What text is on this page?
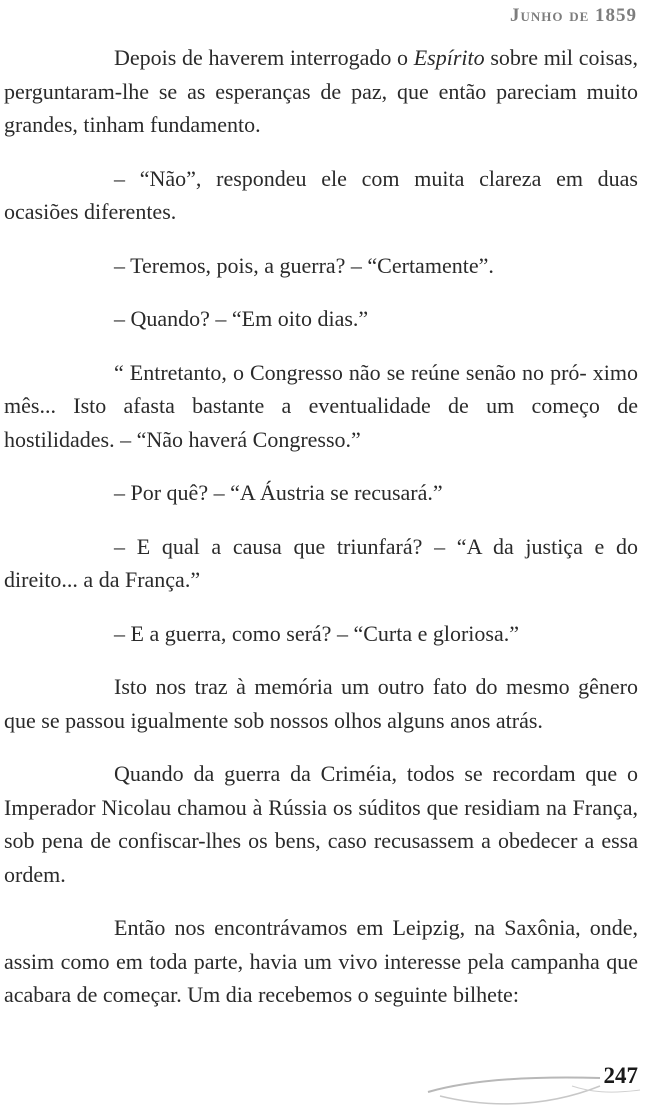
Junho de 1859

Depois de haverem interrogado o Espírito sobre mil coisas, perguntaram-lhe se as esperanças de paz, que então pareciam muito grandes, tinham fundamento.

– “Não”, respondeu ele com muita clareza em duas ocasiões diferentes.

– Teremos, pois, a guerra? – “Certamente”.

– Quando? – “Em oito dias.”

“ Entretanto, o Congresso não se reúne senão no pró- ximo mês... Isto afasta bastante a eventualidade de um começo de hostilidades. – “Não haverá Congresso.”

– Por quê? – “A Áustria se recusará.”

– E qual a causa que triunfará? – “A da justiça e do direito... a da França.”

– E a guerra, como será? – “Curta e gloriosa.”

Isto nos traz à memória um outro fato do mesmo gênero que se passou igualmente sob nossos olhos alguns anos atrás.

Quando da guerra da Criméia, todos se recordam que o Imperador Nicolau chamou à Rússia os súditos que residiam na França, sob pena de confiscar-lhes os bens, caso recusassem a obedecer a essa ordem.

Então nos encontrávamos em Leipzig, na Saxônia, onde, assim como em toda parte, havia um vivo interesse pela campanha que acabara de começar. Um dia recebemos o seguinte bilhete:

247
